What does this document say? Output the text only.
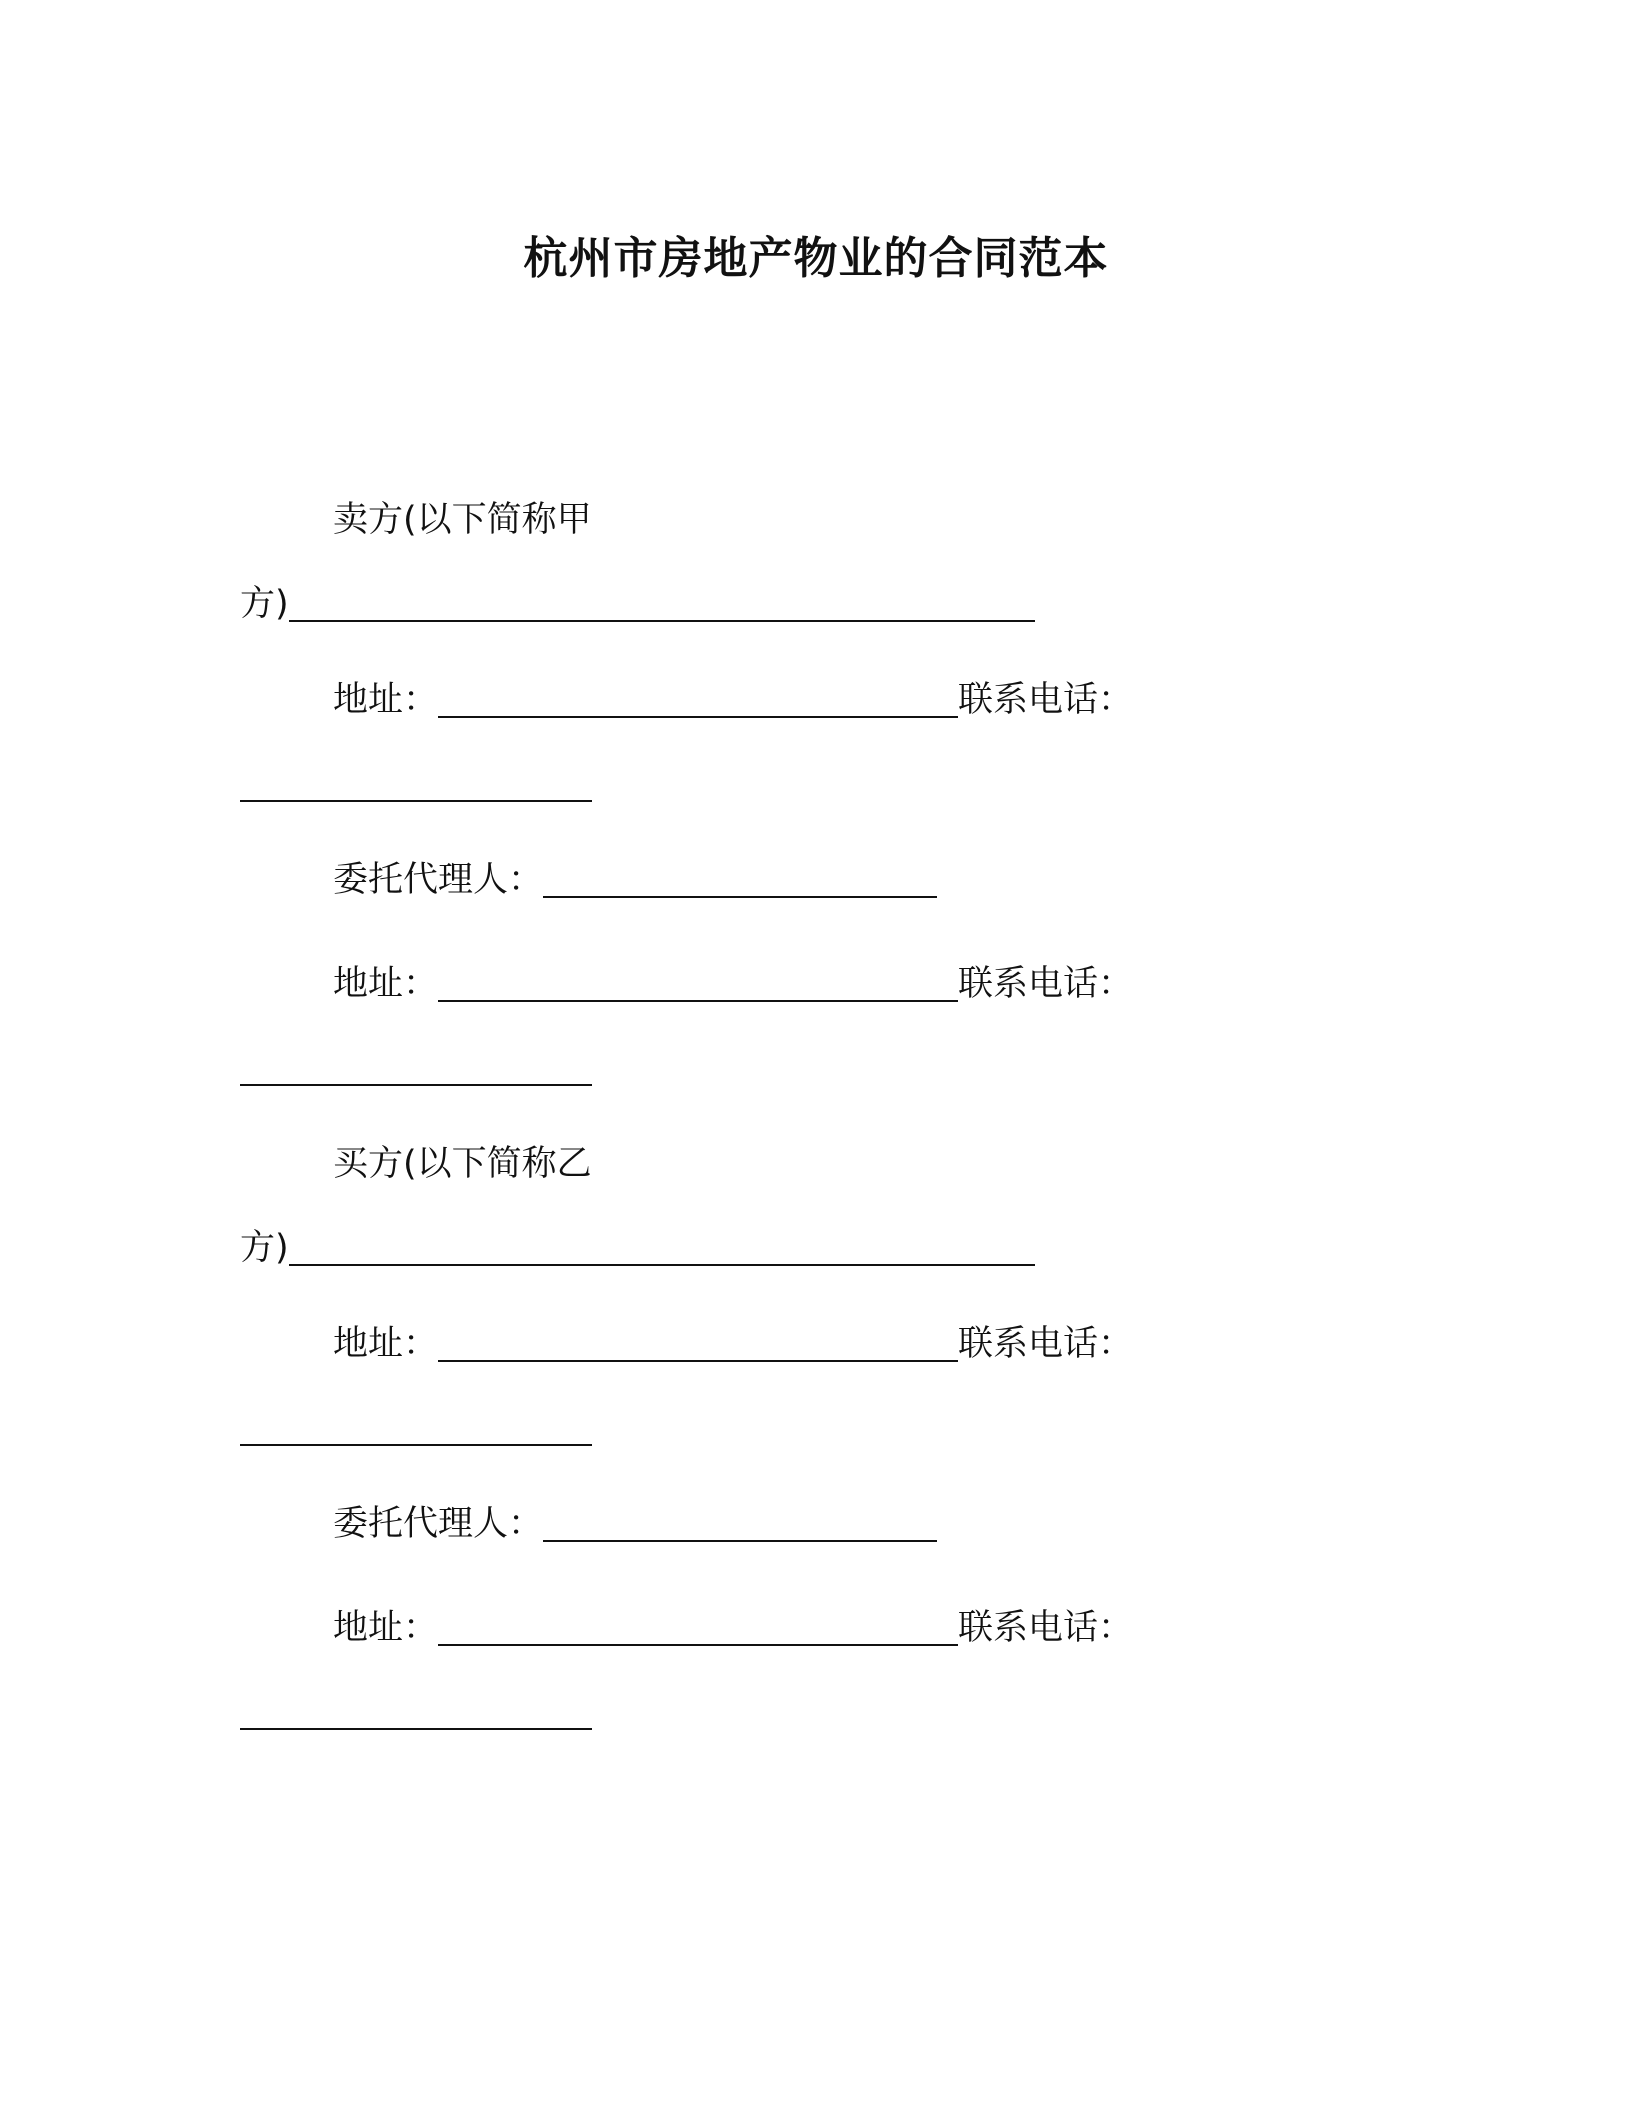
杭州市房地产物业的合同范本
卖方(以下简称甲
方)
地址：	联系电话：
委托代理人：
地址：	联系电话：
买方(以下简称乙
方)
地址：	联系电话：
委托代理人：
地址：	联系电话：
